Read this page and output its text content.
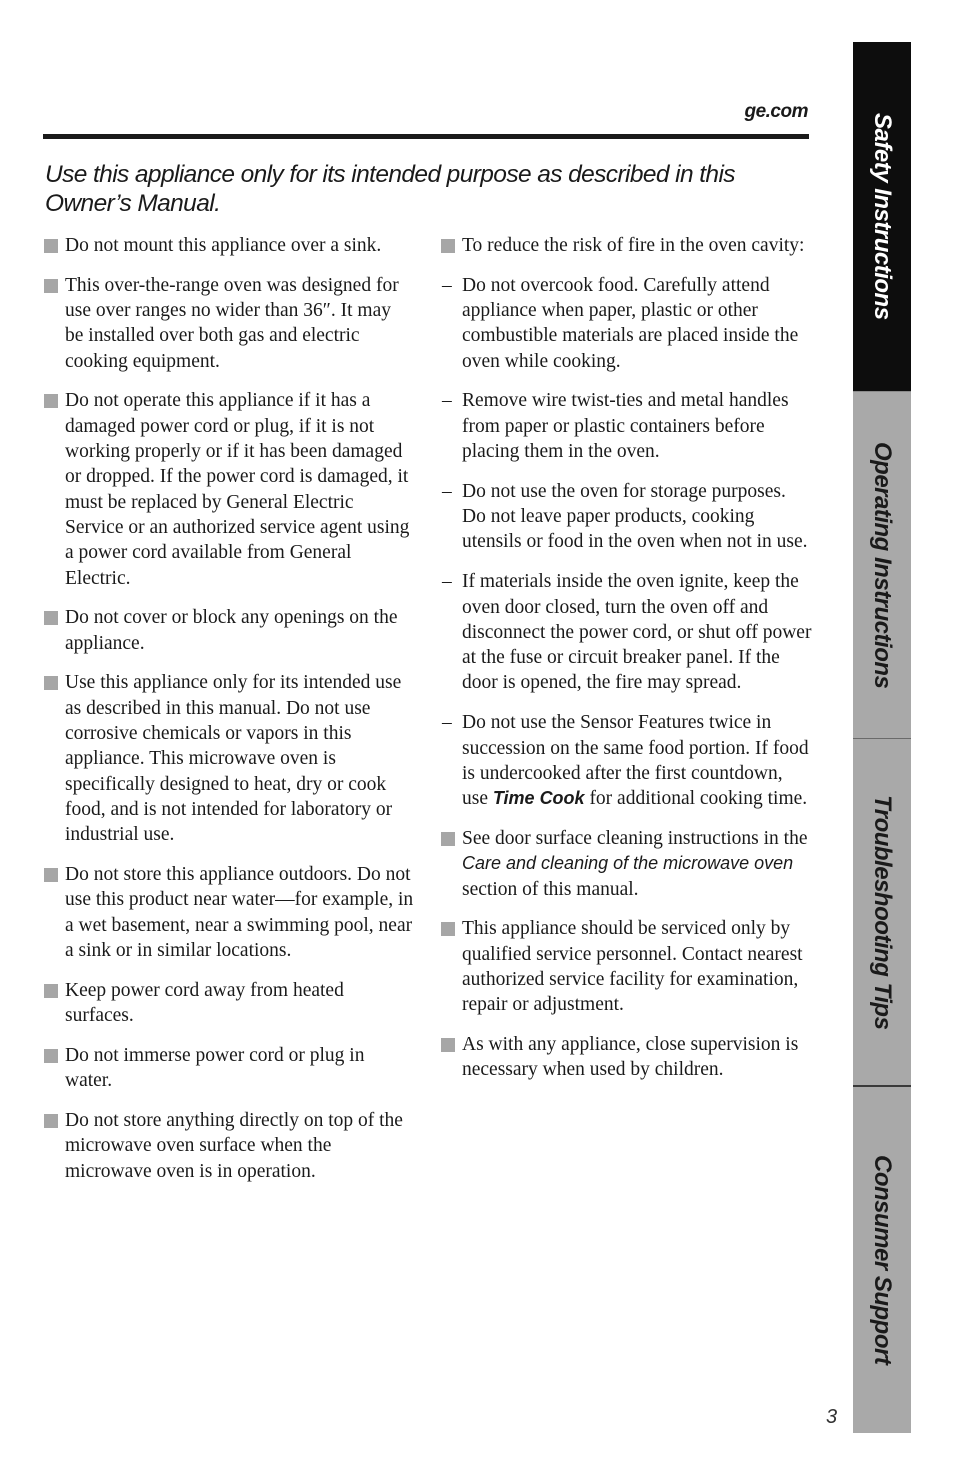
ge.com
Use this appliance only for its intended purpose as described in this Owner’s Manual.
Do not mount this appliance over a sink.
This over-the-range oven was designed for use over ranges no wider than 36″. It may be installed over both gas and electric cooking equipment.
Do not operate this appliance if it has a damaged power cord or plug, if it is not working properly or if it has been damaged or dropped. If the power cord is damaged, it must be replaced by General Electric Service or an authorized service agent using a power cord available from General Electric.
Do not cover or block any openings on the appliance.
Use this appliance only for its intended use as described in this manual. Do not use corrosive chemicals or vapors in this appliance. This microwave oven is specifically designed to heat, dry or cook food, and is not intended for laboratory or industrial use.
Do not store this appliance outdoors. Do not use this product near water—for example, in a wet basement, near a swimming pool, near a sink or in similar locations.
Keep power cord away from heated surfaces.
Do not immerse power cord or plug in water.
Do not store anything directly on top of the microwave oven surface when the microwave oven is in operation.
To reduce the risk of fire in the oven cavity:
– Do not overcook food. Carefully attend appliance when paper, plastic or other combustible materials are placed inside the oven while cooking.
– Remove wire twist-ties and metal handles from paper or plastic containers before placing them in the oven.
– Do not use the oven for storage purposes. Do not leave paper products, cooking utensils or food in the oven when not in use.
– If materials inside the oven ignite, keep the oven door closed, turn the oven off and disconnect the power cord, or shut off power at the fuse or circuit breaker panel. If the door is opened, the fire may spread.
– Do not use the Sensor Features twice in succession on the same food portion. If food is undercooked after the first countdown, use Time Cook for additional cooking time.
See door surface cleaning instructions in the Care and cleaning of the microwave oven section of this manual.
This appliance should be serviced only by qualified service personnel. Contact nearest authorized service facility for examination, repair or adjustment.
As with any appliance, close supervision is necessary when used by children.
Safety Instructions
Operating Instructions
Troubleshooting Tips
Consumer Support
3
